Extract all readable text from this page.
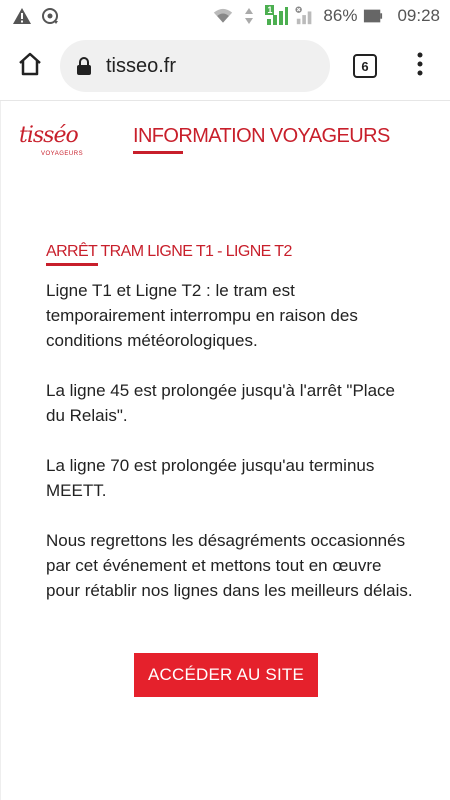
1	86% 09:28
tisseo.fr	6
tisséo
VOYAGEURS
INFORMATION VOYAGEURS
ARRÊT TRAM LIGNE T1 - LIGNE T2

Ligne T1 et Ligne T2 : le tram est temporairement interrompu en raison des conditions météorologiques.

La ligne 45 est prolongée jusqu'à l'arrêt "Place du Relais".

La ligne 70 est prolongée jusqu'au terminus MEETT.

Nous regrettons les désagréments occasionnés par cet événement et mettons tout en œuvre pour rétablir nos lignes dans les meilleurs délais.

ACCÉDER AU SITE
